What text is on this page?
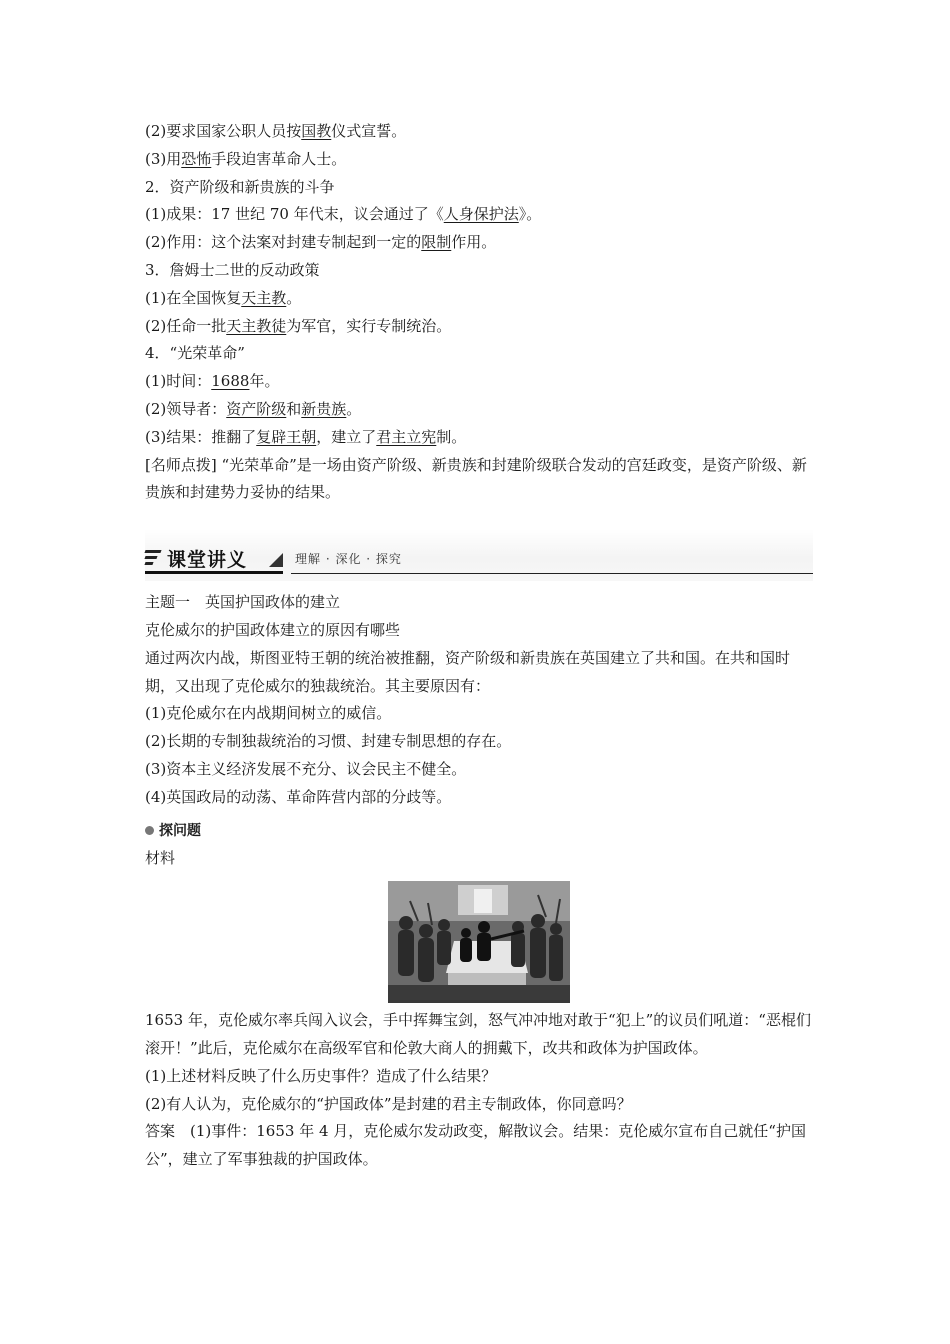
(2)要求国家公职人员按国教仪式宣誓。
(3)用恐怖手段迫害革命人士。
2．资产阶级和新贵族的斗争
(1)成果：17 世纪 70 年代末，议会通过了《人身保护法》。
(2)作用：这个法案对封建专制起到一定的限制作用。
3．詹姆士二世的反动政策
(1)在全国恢复天主教。
(2)任命一批天主教徒为军官，实行专制统治。
4．“光荣革命”
(1)时间：1688年。
(2)领导者：资产阶级和新贵族。
(3)结果：推翻了复辟王朝，建立了君主立宪制。
[名师点拨] “光荣革命”是一场由资产阶级、新贵族和封建阶级联合发动的宫廷政变，是资产阶级、新贵族和封建势力妥协的结果。
课堂讲义	理解 · 深化 · 探究
主题一　英国护国政体的建立
克伦威尔的护国政体建立的原因有哪些
通过两次内战，斯图亚特王朝的统治被推翻，资产阶级和新贵族在英国建立了共和国。在共和国时期，又出现了克伦威尔的独裁统治。其主要原因有：
(1)克伦威尔在内战期间树立的威信。
(2)长期的专制独裁统治的习惯、封建专制思想的存在。
(3)资本主义经济发展不充分、议会民主不健全。
(4)英国政局的动荡、革命阵营内部的分歧等。
探问题
材料
1653 年，克伦威尔率兵闯入议会，手中挥舞宝剑，怒气冲冲地对敢于“犯上”的议员们吼道：“恶棍们滚开！”此后，克伦威尔在高级军官和伦敦大商人的拥戴下，改共和政体为护国政体。
(1)上述材料反映了什么历史事件？造成了什么结果？
(2)有人认为，克伦威尔的“护国政体”是封建的君主专制政体，你同意吗？
答案　(1)事件：1653 年 4 月，克伦威尔发动政变，解散议会。结果：克伦威尔宣布自己就任“护国公”，建立了军事独裁的护国政体。
